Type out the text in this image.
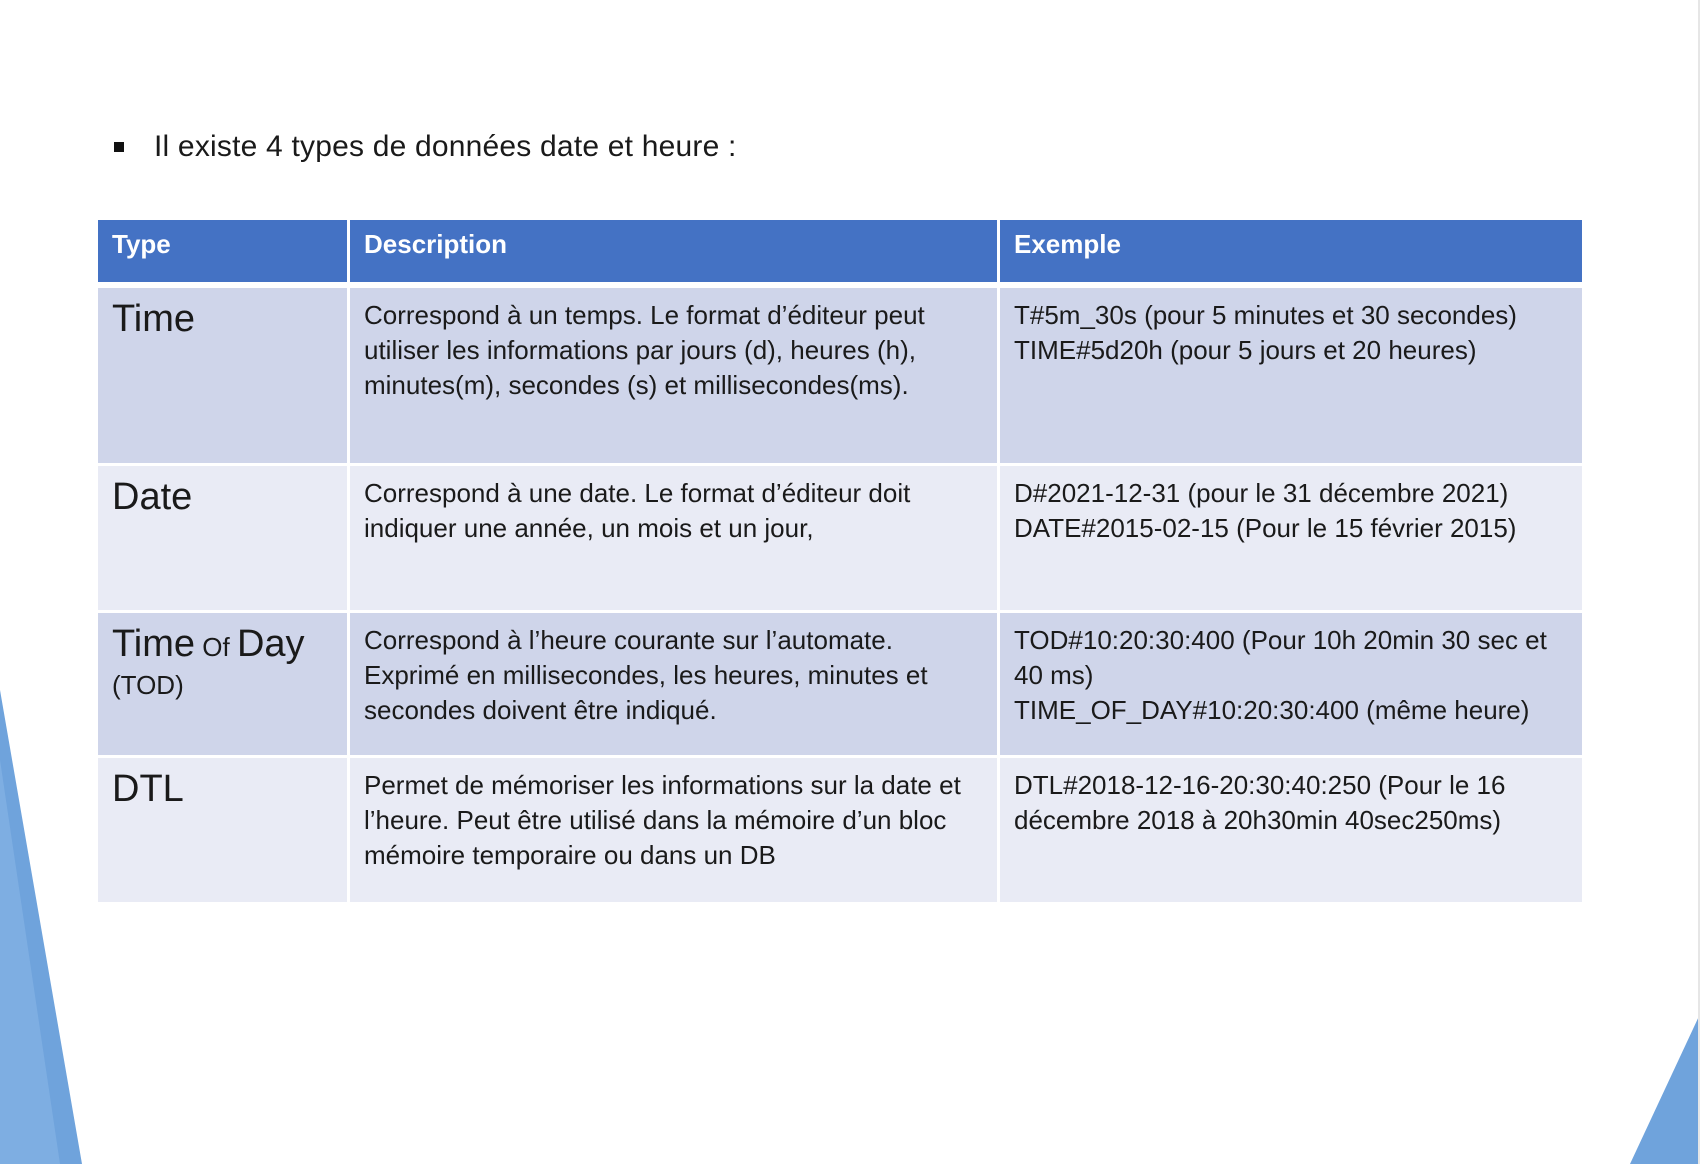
Il existe 4 types de données date et heure :
Type	Description	Exemple
Time	Correspond à un temps. Le format d’éditeur peut utiliser les informations par jours (d), heures (h), minutes(m), secondes (s) et millisecondes(ms).	T#5m_30s (pour 5 minutes et 30 secondes)
TIME#5d20h (pour 5 jours et 20 heures)

Date	Correspond à une date. Le format d’éditeur doit indiquer une année, un mois et un jour,	D#2021-12-31 (pour le 31 décembre 2021)
DATE#2015-02-15 (Pour le 15 février 2015)

Time Of Day
(TOD)	Correspond à l’heure courante sur l’automate. Exprimé en millisecondes, les heures, minutes et secondes doivent être indiqué.	TOD#10:20:30:400 (Pour 10h 20min 30 sec et 40 ms)
TIME_OF_DAY#10:20:30:400 (même heure)

DTL	Permet de mémoriser les informations sur la date et l’heure. Peut être utilisé dans la mémoire d’un bloc mémoire temporaire ou dans un DB	DTL#2018-12-16-20:30:40:250 (Pour le 16 décembre 2018 à 20h30min 40sec250ms)
